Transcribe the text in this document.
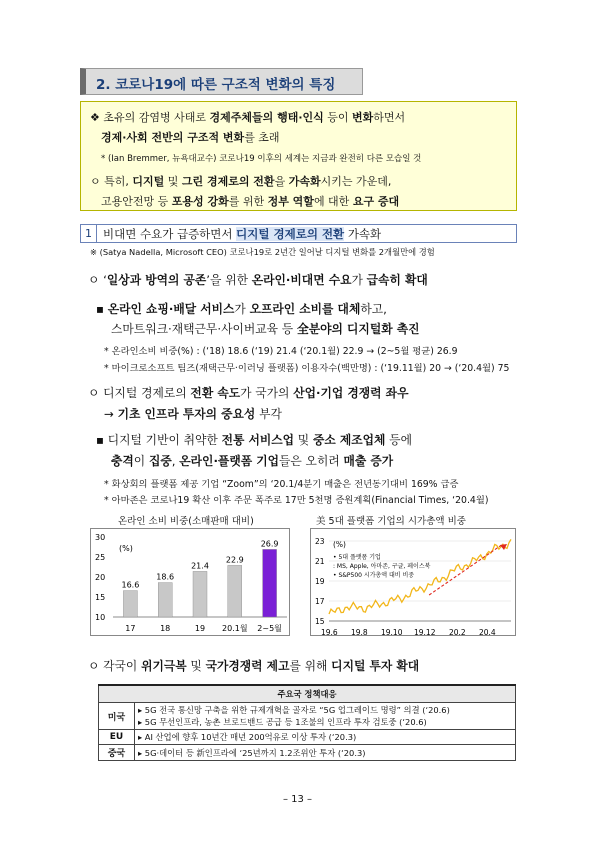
2. 코로나19에 따른 구조적 변화의 특징
❖ 초유의 감염병 사태로 경제주체들의 행태·인식 등이 변화하면서
경제·사회 전반의 구조적 변화를 초래
* (Ian Bremmer, 뉴욕대교수) 코로나19 이후의 세계는 지금과 완전히 다른 모습일 것
ㅇ 특히, 디지털 및 그린 경제로의 전환을 가속화시키는 가운데,
고용안전망 등 포용성 강화를 위한 정부 역할에 대한 요구 증대
1 비대면 수요가 급증하면서 디지털 경제로의 전환 가속화
※ (Satya Nadella, Microsoft CEO) 코로나19로 2년간 일어날 디지털 변화를 2개월만에 경험
ㅇ ‘일상과 방역의 공존’을 위한 온라인·비대면 수요가 급속히 확대
▪ 온라인 쇼핑·배달 서비스가 오프라인 소비를 대체하고,
스마트워크·재택근무·사이버교육 등 全분야의 디지털화 촉진
* 온라인소비 비중(%) : (‘18) 18.6 (‘19) 21.4 (‘20.1월) 22.9 → (2~5월 평균) 26.9
* 마이크로소프트 팀즈(재택근무·이러닝 플랫폼) 이용자수(백만명) : (‘19.11월) 20 → (‘20.4월) 75
ㅇ 디지털 경제로의 전환 속도가 국가의 산업·기업 경쟁력 좌우
→ 기초 인프라 투자의 중요성 부각
▪ 디지털 기반이 취약한 전통 서비스업 및 중소 제조업체 등에
충격이 집중, 온라인·플랫폼 기업들은 오히려 매출 증가
* 화상회의 플랫폼 제공 기업 “Zoom”의 ‘20.1/4분기 매출은 전년동기대비 169% 급증
* 아마존은 코로나19 확산 이후 주문 폭주로 17만 5천명 증원계획(Financial Times, ‘20.4월)
온라인 소비 비중(소매판매 대비)
(%)
30
25
20
15
10
16.6
17
18.6
18
21.4
19
22.9
20.1월
26.9
2~5월
美 5대 플랫폼 기업의 시가총액 비중
(%)
• 5대 플랫폼 기업
: MS, Apple, 아마존, 구글, 페이스북
• S&P500 시가총액 대비 비중
23
21
19
17
15
19.6 19.8 19.10 19.12 20.2 20.4
ㅇ 각국이 위기극복 및 국가경쟁력 제고를 위해 디지털 투자 확대
주요국 정책대응	
미국	▸ 5G 전국 통신망 구축을 위한 규제개혁을 골자로 “5G 업그레이드 명령” 의결 (‘20.6)
▸ 5G 무선인프라, 농촌 브로드밴드 공급 등 1조불의 인프라 투자 검토중 (‘20.6)

EU	▸ AI 산업에 향후 10년간 매년 200억유로 이상 투자 (‘20.3)

중국	▸ 5G·데이터 등 新인프라에 ‘25년까지 1.2조위안 투자 (‘20.3)
– 13 –
